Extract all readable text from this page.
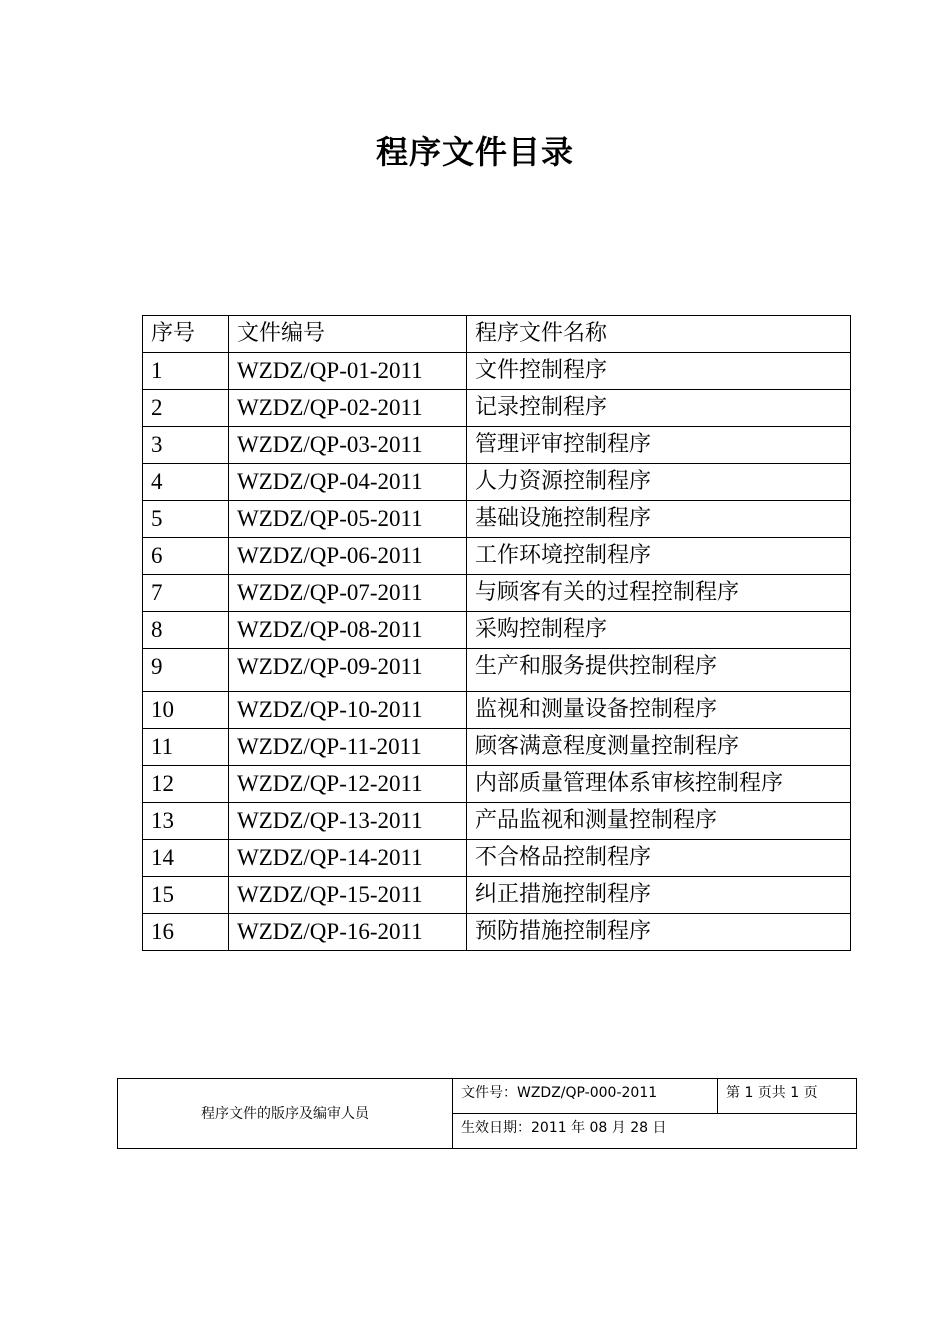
程序文件目录
序号	文件编号	程序文件名称
1	WZDZ/QP-01-2011	文件控制程序
2	WZDZ/QP-02-2011	记录控制程序
3	WZDZ/QP-03-2011	管理评审控制程序
4	WZDZ/QP-04-2011	人力资源控制程序
5	WZDZ/QP-05-2011	基础设施控制程序
6	WZDZ/QP-06-2011	工作环境控制程序
7	WZDZ/QP-07-2011	与顾客有关的过程控制程序
8	WZDZ/QP-08-2011	采购控制程序
9	WZDZ/QP-09-2011	生产和服务提供控制程序
10	WZDZ/QP-10-2011	监视和测量设备控制程序
11	WZDZ/QP-11-2011	顾客满意程度测量控制程序
12	WZDZ/QP-12-2011	内部质量管理体系审核控制程序
13	WZDZ/QP-13-2011	产品监视和测量控制程序
14	WZDZ/QP-14-2011	不合格品控制程序
15	WZDZ/QP-15-2011	纠正措施控制程序
16	WZDZ/QP-16-2011	预防措施控制程序
程序文件的版序及编审人员	文件号：WZDZ/QP-000-2011	第 1 页共 1 页
生效日期：2011 年 08 月 28 日
